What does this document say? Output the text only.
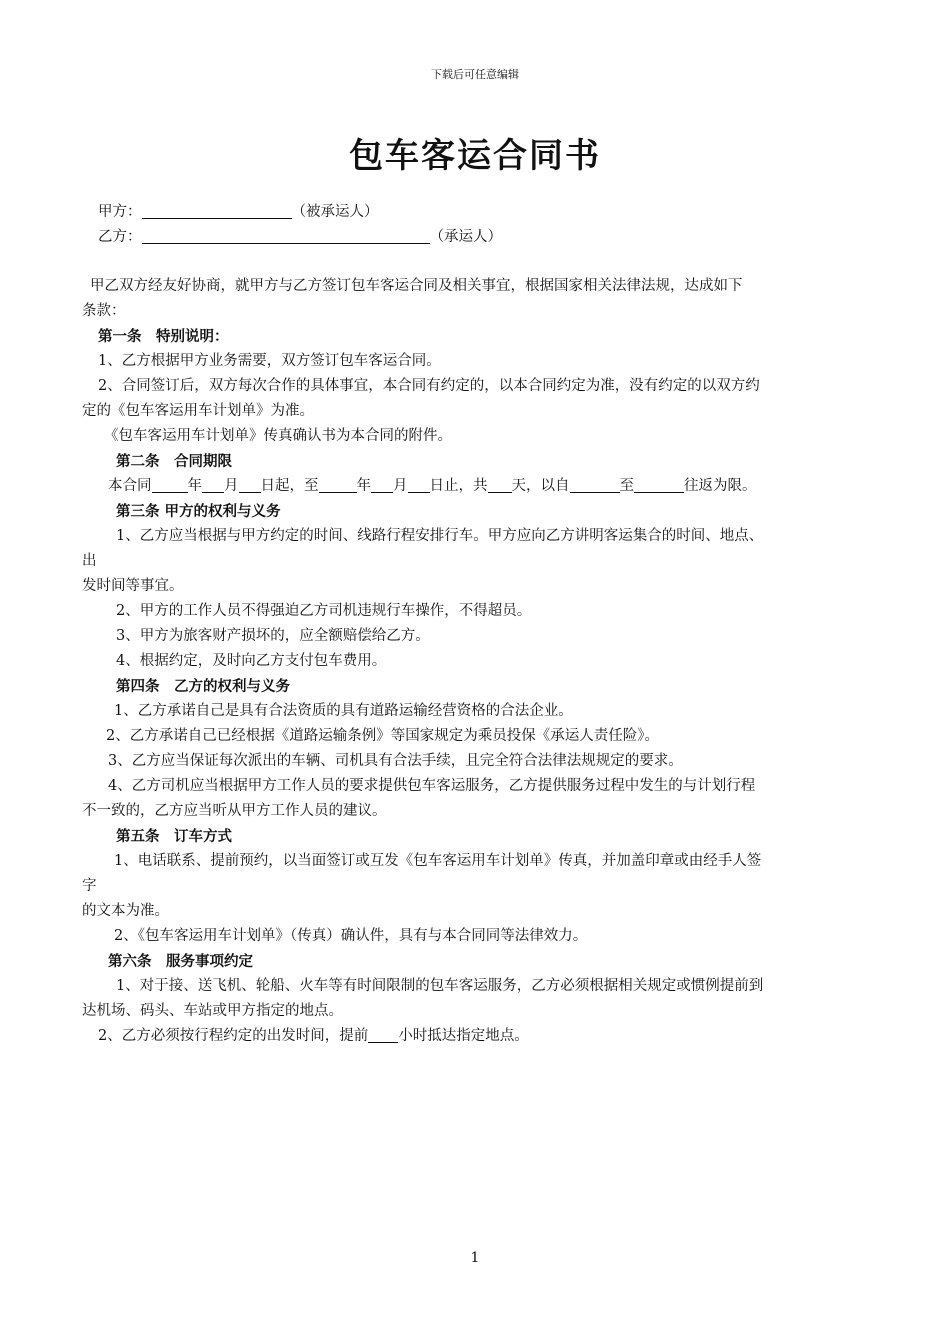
下载后可任意编辑
包车客运合同书
甲方：	（被承运人）
乙方：	（承运人）
甲乙双方经友好协商，就甲方与乙方签订包车客运合同及相关事宜，根据国家相关法律法规，达成如下
条款：
第一条　特别说明：
1、乙方根据甲方业务需要，双方签订包车客运合同。
2、合同签订后，双方每次合作的具体事宜，本合同有约定的，以本合同约定为准，没有约定的以双方约
定的《包车客运用车计划单》为准。
《包车客运用车计划单》传真确认书为本合同的附件。
第二条　合同期限
本合同 年 月 日起，至	年 月 日止，共 天，以自	至	往返为限。
第三条 甲方的权利与义务
1、乙方应当根据与甲方约定的时间、线路行程安排行车。甲方应向乙方讲明客运集合的时间、地点、
出
发时间等事宜。
2、甲方的工作人员不得强迫乙方司机违规行车操作，不得超员。
3、甲方为旅客财产损坏的，应全额赔偿给乙方。
4、根据约定，及时向乙方支付包车费用。
第四条　乙方的权利与义务
1、乙方承诺自己是具有合法资质的具有道路运输经营资格的合法企业。
2、乙方承诺自己已经根据《道路运输条例》等国家规定为乘员投保《承运人责任险》。
3、乙方应当保证每次派出的车辆、司机具有合法手续，且完全符合法律法规规定的要求。
4、乙方司机应当根据甲方工作人员的要求提供包车客运服务，乙方提供服务过程中发生的与计划行程
不一致的，乙方应当听从甲方工作人员的建议。
第五条　订车方式
1、电话联系、提前预约，以当面签订或互发《包车客运用车计划单》传真，并加盖印章或由经手人签
字
的文本为准。
2、《包车客运用车计划单》（传真）确认件，具有与本合同同等法律效力。
第六条　服务事项约定
1、对于接、送飞机、轮船、火车等有时间限制的包车客运服务，乙方必须根据相关规定或惯例提前到
达机场、码头、车站或甲方指定的地点。
2、乙方必须按行程约定的出发时间，提前 小时抵达指定地点。
1
